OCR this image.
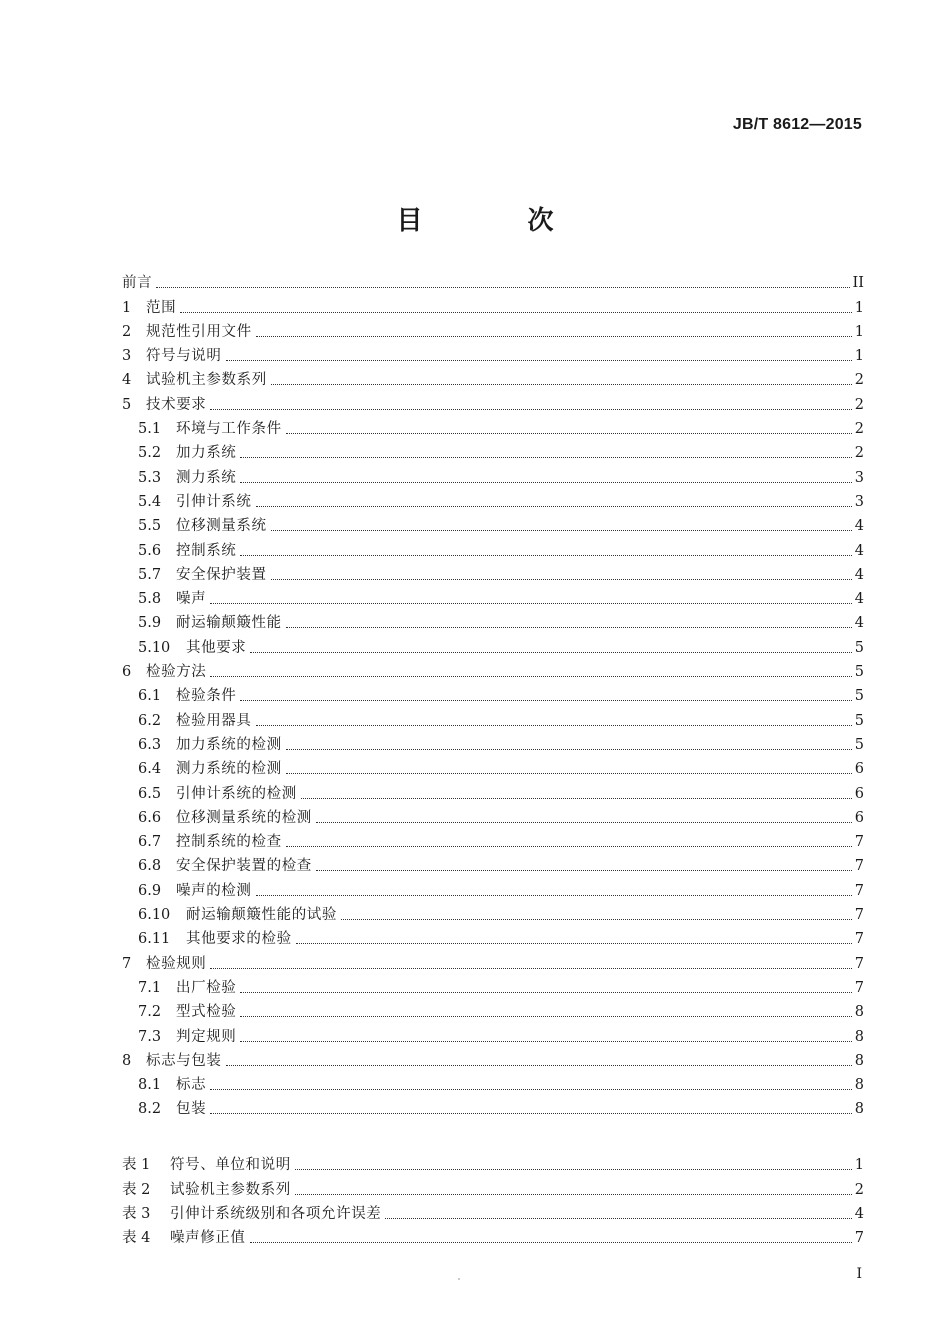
JB/T 8612—2015
目 次
前言	II
1	范围	1
2	规范性引用文件	1
3	符号与说明	1
4	试验机主参数系列	2
5	技术要求	2
5.1	环境与工作条件	2
5.2	加力系统	2
5.3	测力系统	3
5.4	引伸计系统	3
5.5	位移测量系统	4
5.6	控制系统	4
5.7	安全保护装置	4
5.8	噪声	4
5.9	耐运输颠簸性能	4
5.10	其他要求	5
6	检验方法	5
6.1	检验条件	5
6.2	检验用器具	5
6.3	加力系统的检测	5
6.4	测力系统的检测	6
6.5	引伸计系统的检测	6
6.6	位移测量系统的检测	6
6.7	控制系统的检查	7
6.8	安全保护装置的检查	7
6.9	噪声的检测	7
6.10	耐运输颠簸性能的试验	7
6.11	其他要求的检验	7
7	检验规则	7
7.1	出厂检验	7
7.2	型式检验	8
7.3	判定规则	8
8	标志与包装	8
8.1	标志	8
8.2	包装	8
表 1	符号、单位和说明	1
表 2	试验机主参数系列	2
表 3	引伸计系统级别和各项允许误差	4
表 4	噪声修正值	7
I
